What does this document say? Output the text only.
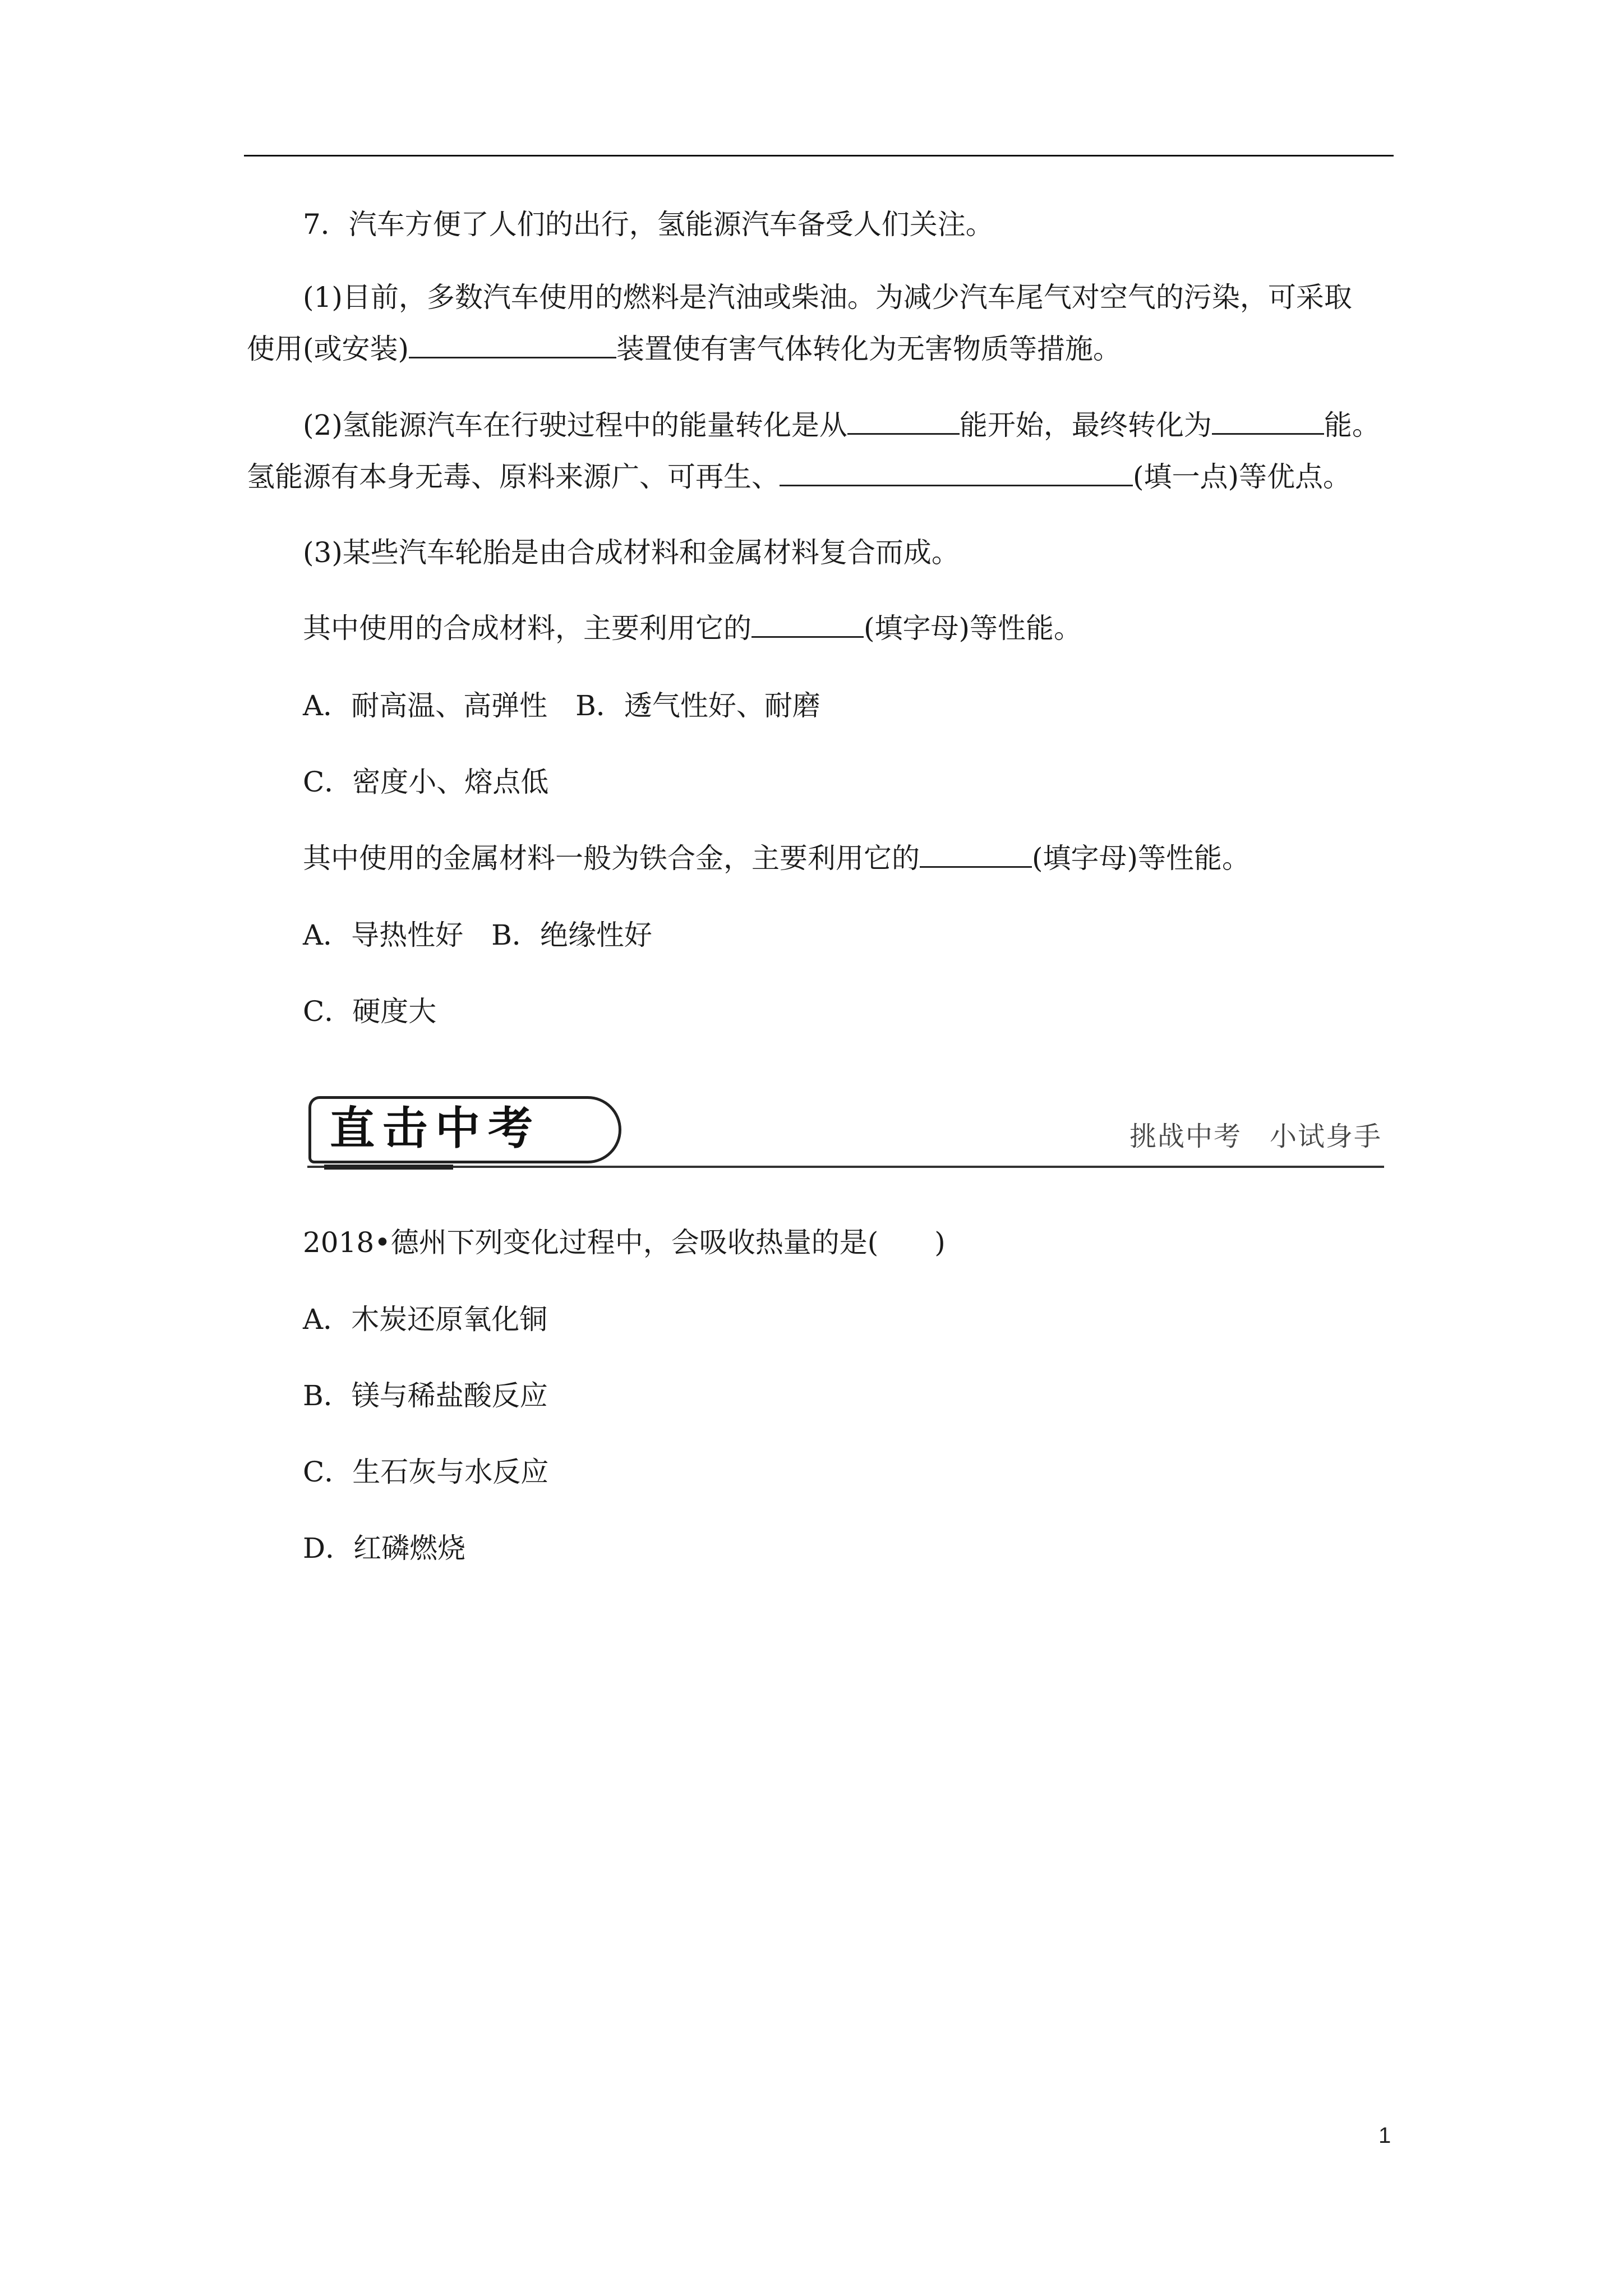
7．汽车方便了人们的出行，氢能源汽车备受人们关注。
(1)目前，多数汽车使用的燃料是汽油或柴油。为减少汽车尾气对空气的污染，可采取
使用(或安装)	装置使有害气体转化为无害物质等措施。
(2)氢能源汽车在行驶过程中的能量转化是从	能开始，最终转化为	能。
氢能源有本身无毒、原料来源广、可再生、	(填一点)等优点。
(3)某些汽车轮胎是由合成材料和金属材料复合而成。
其中使用的合成材料，主要利用它的	(填字母)等性能。
A．耐高温、高弹性　B．透气性好、耐磨
C．密度小、熔点低
其中使用的金属材料一般为铁合金，主要利用它的	(填字母)等性能。
A．导热性好　B．绝缘性好
C．硬度大
直击中考	挑战中考　小试身手
2018•德州下列变化过程中，会吸收热量的是(　　)
A．木炭还原氧化铜
B．镁与稀盐酸反应
C．生石灰与水反应
D．红磷燃烧
1
